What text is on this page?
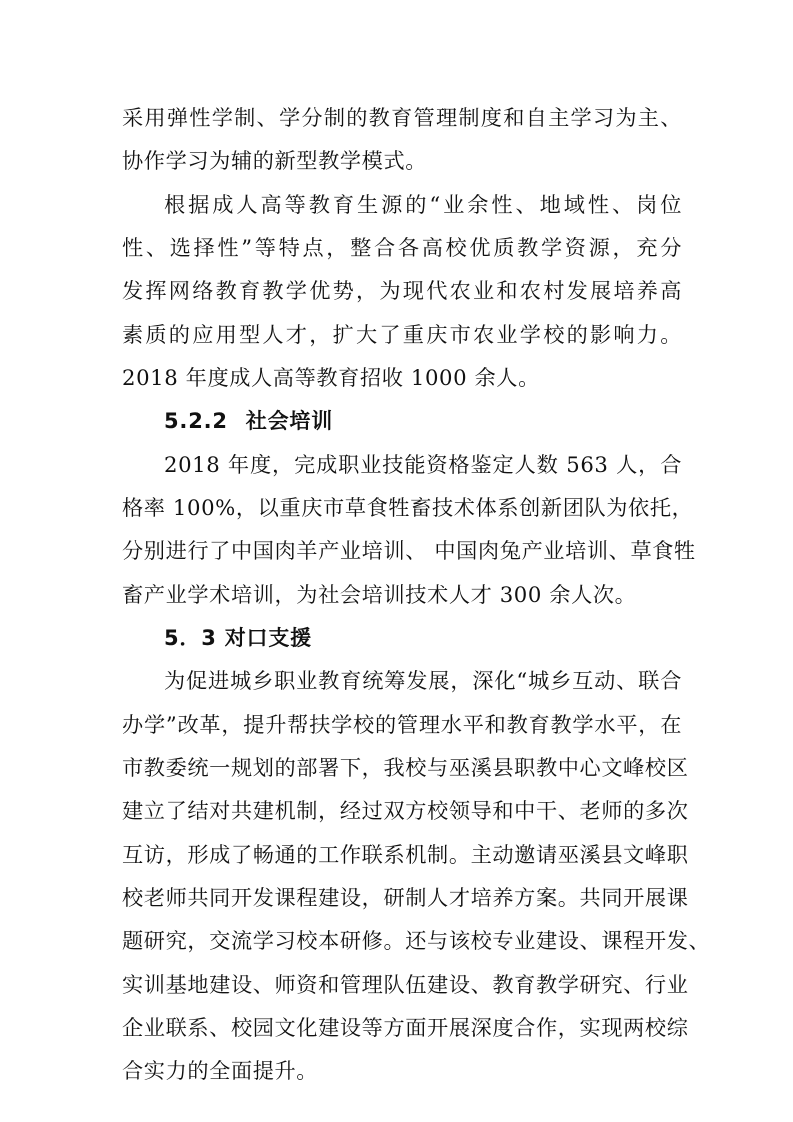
采用弹性学制、学分制的教育管理制度和自主学习为主、
协作学习为辅的新型教学模式。
根据成人高等教育生源的“业余性、地域性、岗位
性、选择性”等特点，整合各高校优质教学资源，充分
发挥网络教育教学优势，为现代农业和农村发展培养高
素质的应用型人才，扩大了重庆市农业学校的影响力。
2018 年度成人高等教育招收 1000 余人。
5.2.2 社会培训
2018 年度，完成职业技能资格鉴定人数 563 人，合
格率 100%，以重庆市草食牲畜技术体系创新团队为依托，
分别进行了中国肉羊产业培训、 中国肉兔产业培训、草食牲
畜产业学术培训，为社会培训技术人才 300 余人次。
5．3 对口支援
为促进城乡职业教育统筹发展，深化“城乡互动、联合
办学”改革，提升帮扶学校的管理水平和教育教学水平，在
市教委统一规划的部署下，我校与巫溪县职教中心文峰校区
建立了结对共建机制，经过双方校领导和中干、老师的多次
互访，形成了畅通的工作联系机制。主动邀请巫溪县文峰职
校老师共同开发课程建设，研制人才培养方案。共同开展课
题研究，交流学习校本研修。还与该校专业建设、课程开发、
实训基地建设、师资和管理队伍建设、教育教学研究、行业
企业联系、校园文化建设等方面开展深度合作，实现两校综
合实力的全面提升。
